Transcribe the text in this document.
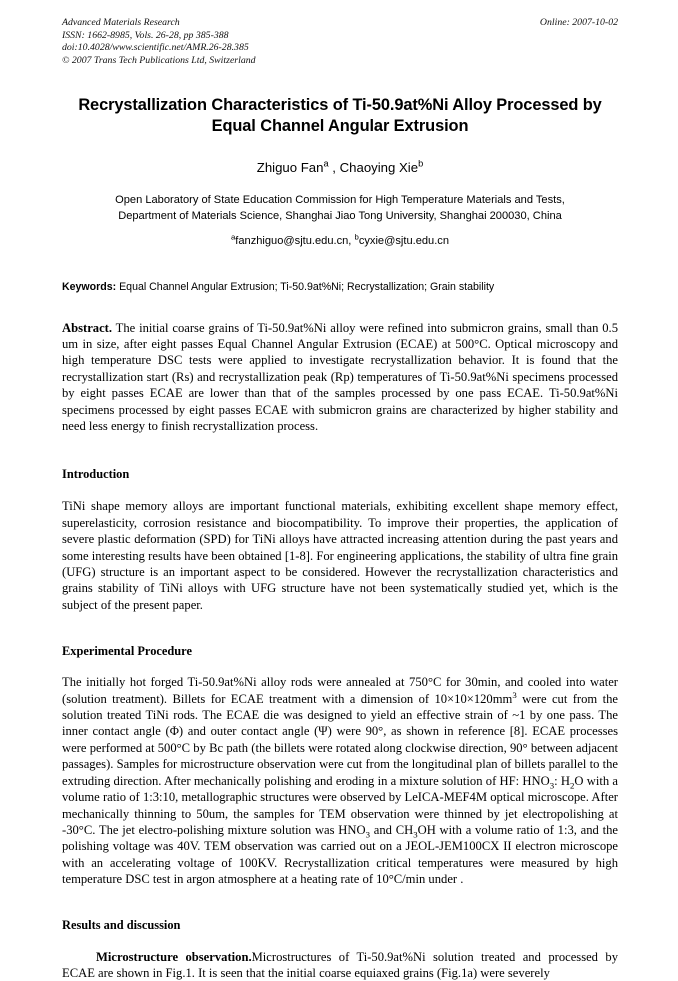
Advanced Materials Research
ISSN: 1662-8985, Vols. 26-28, pp 385-388
doi:10.4028/www.scientific.net/AMR.26-28.385
© 2007 Trans Tech Publications Ltd, Switzerland
Online: 2007-10-02
Recrystallization Characteristics of Ti-50.9at%Ni Alloy Processed by Equal Channel Angular Extrusion
Zhiguo Fan$^a$ , Chaoying Xie$^b$
Open Laboratory of State Education Commission for High Temperature Materials and Tests,
Department of Materials Science, Shanghai Jiao Tong University, Shanghai 200030, China
$^a$fanzhiguo@sjtu.edu.cn, $^b$cyxie@sjtu.edu.cn
Keywords: Equal Channel Angular Extrusion; Ti-50.9at%Ni; Recrystallization; Grain stability
Abstract. The initial coarse grains of Ti-50.9at%Ni alloy were refined into submicron grains, small than 0.5 um in size, after eight passes Equal Channel Angular Extrusion (ECAE) at 500°C. Optical microscopy and high temperature DSC tests were applied to investigate recrystallization behavior. It is found that the recrystallization start (Rs) and recrystallization peak (Rp) temperatures of Ti-50.9at%Ni specimens processed by eight passes ECAE are lower than that of the samples processed by one pass ECAE. Ti-50.9at%Ni specimens processed by eight passes ECAE with submicron grains are characterized by higher stability and need less energy to finish recrystallization process.
Introduction
TiNi shape memory alloys are important functional materials, exhibiting excellent shape memory effect, superelasticity, corrosion resistance and biocompatibility. To improve their properties, the application of severe plastic deformation (SPD) for TiNi alloys have attracted increasing attention during the past years and some interesting results have been obtained [1-8]. For engineering applications, the stability of ultra fine grain (UFG) structure is an important aspect to be considered. However the recrystallization characteristics and grains stability of TiNi alloys with UFG structure have not been systematically studied yet, which is the subject of the present paper.
Experimental Procedure
The initially hot forged Ti-50.9at%Ni alloy rods were annealed at 750°C for 30min, and cooled into water (solution treatment). Billets for ECAE treatment with a dimension of $10\times 10\times 120mm^3$ were cut from the solution treated TiNi rods. The ECAE die was designed to yield an effective strain of ~1 by one pass. The inner contact angle (Φ) and outer contact angle (Ψ) were 90°, as shown in reference [8]. ECAE processes were performed at 500°C by Bc path (the billets were rotated along clockwise direction, 90° between adjacent passages). Samples for microstructure observation were cut from the longitudinal plan of billets parallel to the extruding direction. After mechanically polishing and eroding in a mixture solution of HF: $HNO_3$: $H_2O$ with a volume ratio of 1:3:10, metallographic structures were observed by LeICA-MEF4M optical microscope. After mechanically thinning to 50um, the samples for TEM observation were thinned by jet electropolishing at -30°C. The jet electro-polishing mixture solution was $HNO_3$ and $CH_3OH$ with a volume ratio of 1:3, and the polishing voltage was 40V. TEM observation was carried out on a JEOL-JEM100CX II electron microscope with an accelerating voltage of 100KV. Recrystallization critical temperatures were measured by high temperature DSC test in argon atmosphere at a heating rate of 10°C/min under .
Results and discussion
Microstructure observation.Microstructures of Ti-50.9at%Ni solution treated and processed by ECAE are shown in Fig.1. It is seen that the initial coarse equiaxed grains (Fig.1a) were severely
